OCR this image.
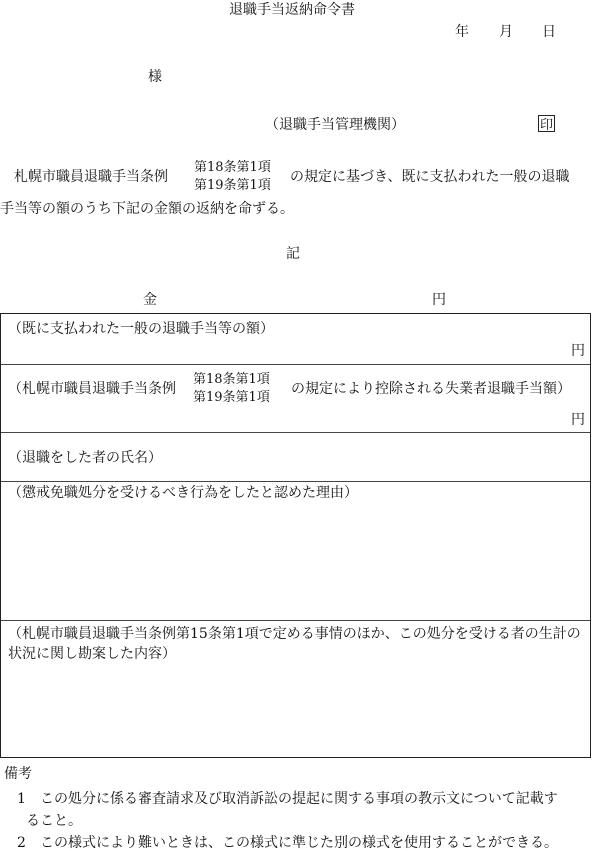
退職手当返納命令書
年 月 日
様
（退職手当管理機関）	印
札幌市職員退職手当条例
第18条第1項
第19条第1項
の規定に基づき、既に支払われた一般の退職
手当等の額のうち下記の金額の返納を命ずる。
記
金	円
（既に支払われた一般の退職手当等の額）
円
（札幌市職員退職手当条例
第18条第1項
第19条第1項
の規定により控除される失業者退職手当額）
円
（退職をした者の氏名）
（懲戒免職処分を受けるべき行為をしたと認めた理由）
（札幌市職員退職手当条例第15条第1項で定める事情のほか、この処分を受ける者の生計の
状況に関し勘案した内容）
備考
1 この処分に係る審査請求及び取消訴訟の提起に関する事項の教示文について記載す
ること。
2 この様式により難いときは、この様式に準じた別の様式を使用することができる。
